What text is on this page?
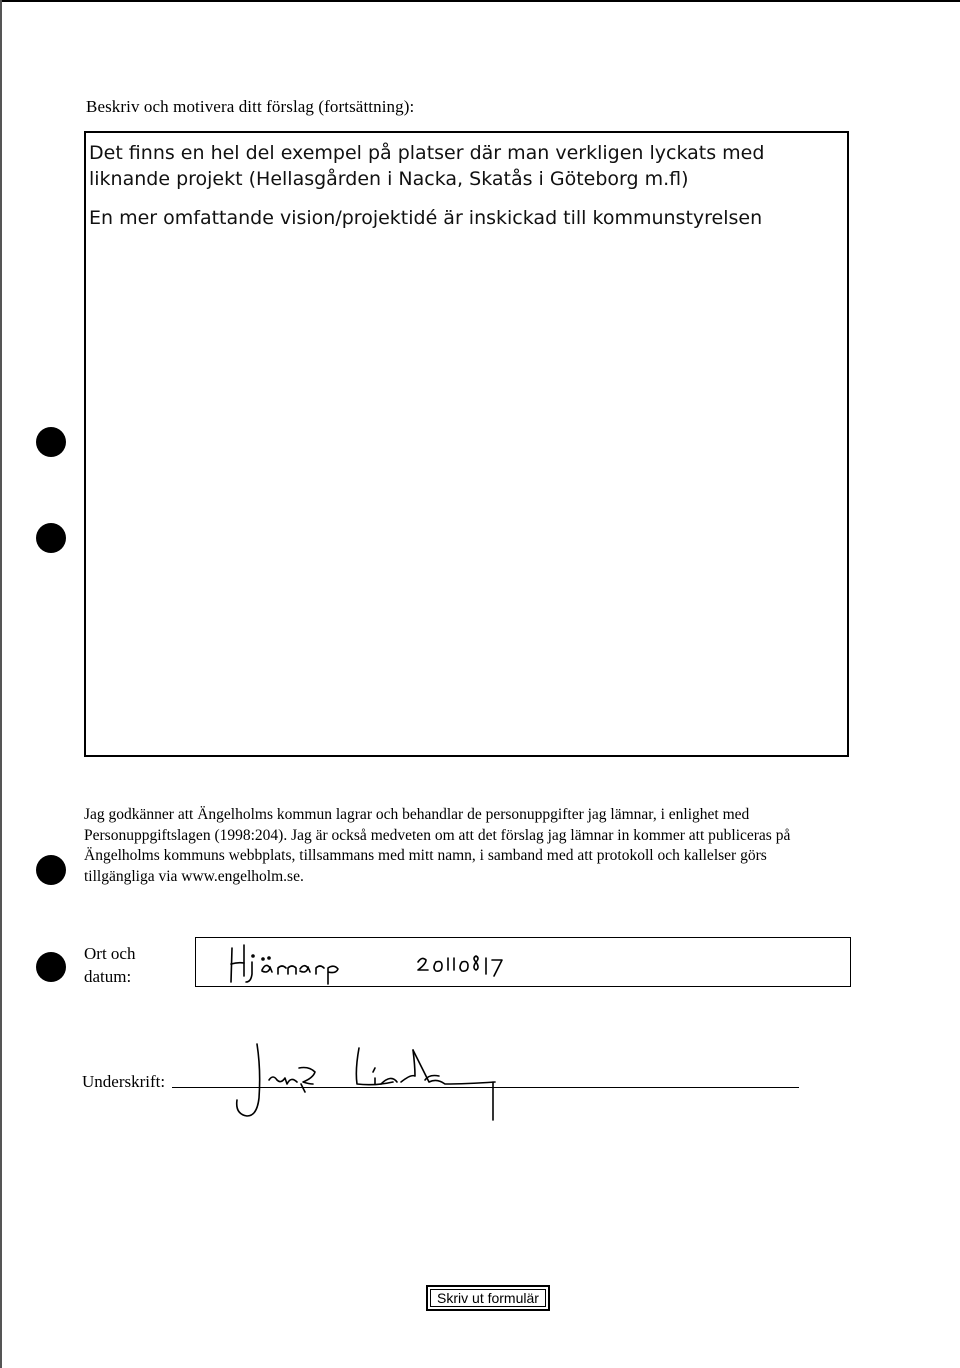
Beskriv och motivera ditt förslag (fortsättning):

Det finns en hel del exempel på platser där man verkligen lyckats med liknande projekt (Hellasgården i Nacka, Skatås i Göteborg m.fl)

En mer omfattande vision/projektidé är inskickad till kommunstyrelsen

Jag godkänner att Ängelholms kommun lagrar och behandlar de personuppgifter jag lämnar, i enlighet med Personuppgiftslagen (1998:204). Jag är också medveten om att det förslag jag lämnar in kommer att publiceras på Ängelholms kommuns webbplats, tillsammans med mitt namn, i samband med att protokoll och kallelser görs tillgängliga via www.engelholm.se.

Ort och
datum:
Underskrift:
Skriv ut formulär
